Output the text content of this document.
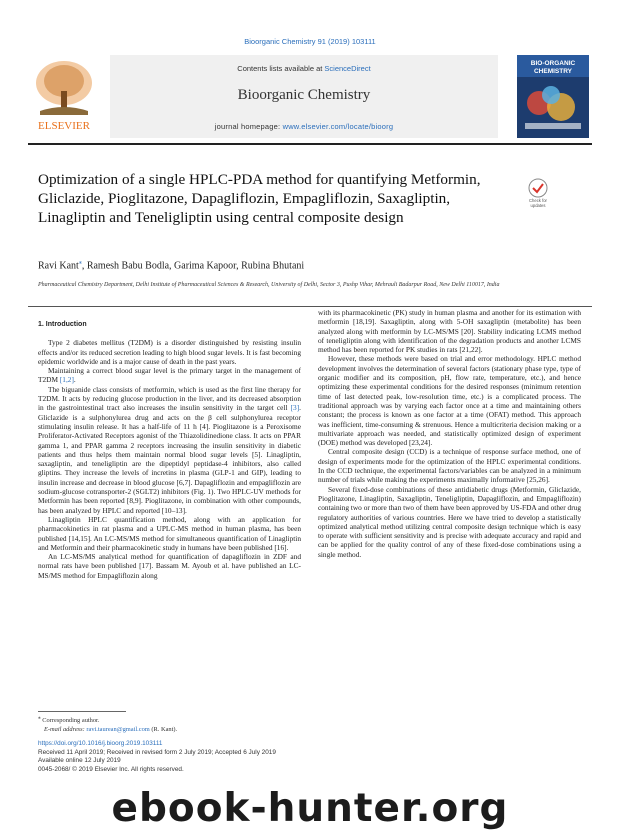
Bioorganic Chemistry 91 (2019) 103111
ELSEVIER
Contents lists available at ScienceDirect
Bioorganic Chemistry
journal homepage: www.elsevier.com/locate/bioorg
BIO-ORGANIC
CHEMISTRY
Optimization of a single HPLC-PDA method for quantifying Metformin, Gliclazide, Pioglitazone, Dapagliflozin, Empagliflozin, Saxagliptin, Linagliptin and Teneligliptin using central composite design
Check for
updates
Ravi Kant⁎, Ramesh Babu Bodla, Garima Kapoor, Rubina Bhutani
Pharmaceutical Chemistry Department, Delhi Institute of Pharmaceutical Sciences & Research, University of Delhi, Sector 3, Pushp Vihar, Mehrauli Badarpur Road, New Delhi 110017, India

1. Introduction

Type 2 diabetes mellitus (T2DM) is a disorder distinguished by resisting insulin effects and/or its reduced secretion leading to high blood sugar levels. It is fast becoming epidemic worldwide and is a major cause of death in the past years.

Maintaining a correct blood sugar level is the primary target in the management of T2DM [1,2].

The biguanide class consists of metformin, which is used as the first line therapy for T2DM. It acts by reducing glucose production in the liver, and its decreased absorption in the gastrointestinal tract also increases the insulin sensitivity in the target cell [3]. Gliclazide is a sulphonylurea drug and acts on the β cell sulphonylurea receptor stimulating insulin release. It has a half-life of 11 h [4]. Pioglitazone is a Peroxisome Proliferator-Activated Receptors agonist of the Thiazolidinedione class. It acts on PPAR gamma 1, and PPAR gamma 2 receptors increasing the insulin sensitivity in diabetic patients and thus helps them maintain normal blood sugar levels [5]. Linagliptin, saxagliptin, and teneligliptin are the dipeptidyl peptidase-4 inhibitors, also called gliptins. They increase the levels of incretins in plasma (GLP-1 and GIP), leading to insulin increase and decrease in blood glucose [6,7]. Dapagliflozin and empagliflozin are sodium-glucose cotransporter-2 (SGLT2) inhibitors (Fig. 1). Two HPLC-UV methods for Metformin has been reported [8,9]. Pioglitazone, in combination with other compounds, has been analyzed by HPLC and reported [10–13].

Linagliptin HPLC quantification method, along with an application for pharmacokinetics in rat plasma and a UPLC-MS method in human plasma, has been published [14,15]. An LC-MS/MS method for simultaneous quantification of Linagliptin and Metformin and their pharmacokinetic study in humans have been published [16].

An LC-MS/MS analytical method for quantification of dapagliflozin in ZDF and normal rats have been published [17]. Bassam M. Ayoub et al. have published an LC-MS/MS method for Empagliflozin along

with its pharmacokinetic (PK) study in human plasma and another for its estimation with metformin [18,19]. Saxagliptin, along with 5-OH saxagliptin (metabolite) has been analyzed along with metformin by LC-MS/MS [20]. Stability indicating LCMS method of teneligliptin along with identification of the degradation products and another LCMS method has been reported for PK studies in rats [21,22].

However, these methods were based on trial and error methodology. HPLC method development involves the determination of several factors (stationary phase type, type of organic modifier and its composition, pH, flow rate, temperature, etc.), and hence optimizing these experimental conditions for the desired responses (minimum retention time of last detected peak, low-resolution time, etc.) is a complicated process. The traditional approach was by varying each factor once at a time and maintaining others constant; the process is known as one factor at a time (OFAT) method. This approach was inefficient, time-consuming & strenuous. Hence a multicriteria decision making or a multivariate approach was needed, and statistically optimized design of experiment (DOE) method was developed [23,24].

Central composite design (CCD) is a technique of response surface method, one of design of experiments mode for the optimization of the HPLC experimental conditions. In the CCD technique, the experimental factors/variables can be analyzed in a minimum number of trials while making the experiments maximally informative [25,26].

Several fixed-dose combinations of these antidiabetic drugs (Metformin, Gliclazide, Pioglitazone, Linagliptin, Saxagliptin, Teneligliptin, Dapagliflozin, and Empagliflozin) containing two or more than two of them have been approved by US-FDA and other drug regulatory authorities of various countries. Here we have tried to develop a statistically optimized analytical method utilizing central composite design technique which is easy to operate with sufficient sensitivity and is precise with adequate accuracy and rapid and can be applied for the quality control of any of these fixed-dose combinations using a single method.

⁎ Corresponding author.
E-mail address: ravi.taurean@gmail.com (R. Kant).
https://doi.org/10.1016/j.bioorg.2019.103111
Received 11 April 2019; Received in revised form 2 July 2019; Accepted 6 July 2019
Available online 12 July 2019
0045-2068/ © 2019 Elsevier Inc. All rights reserved.
ebook-hunter.org
